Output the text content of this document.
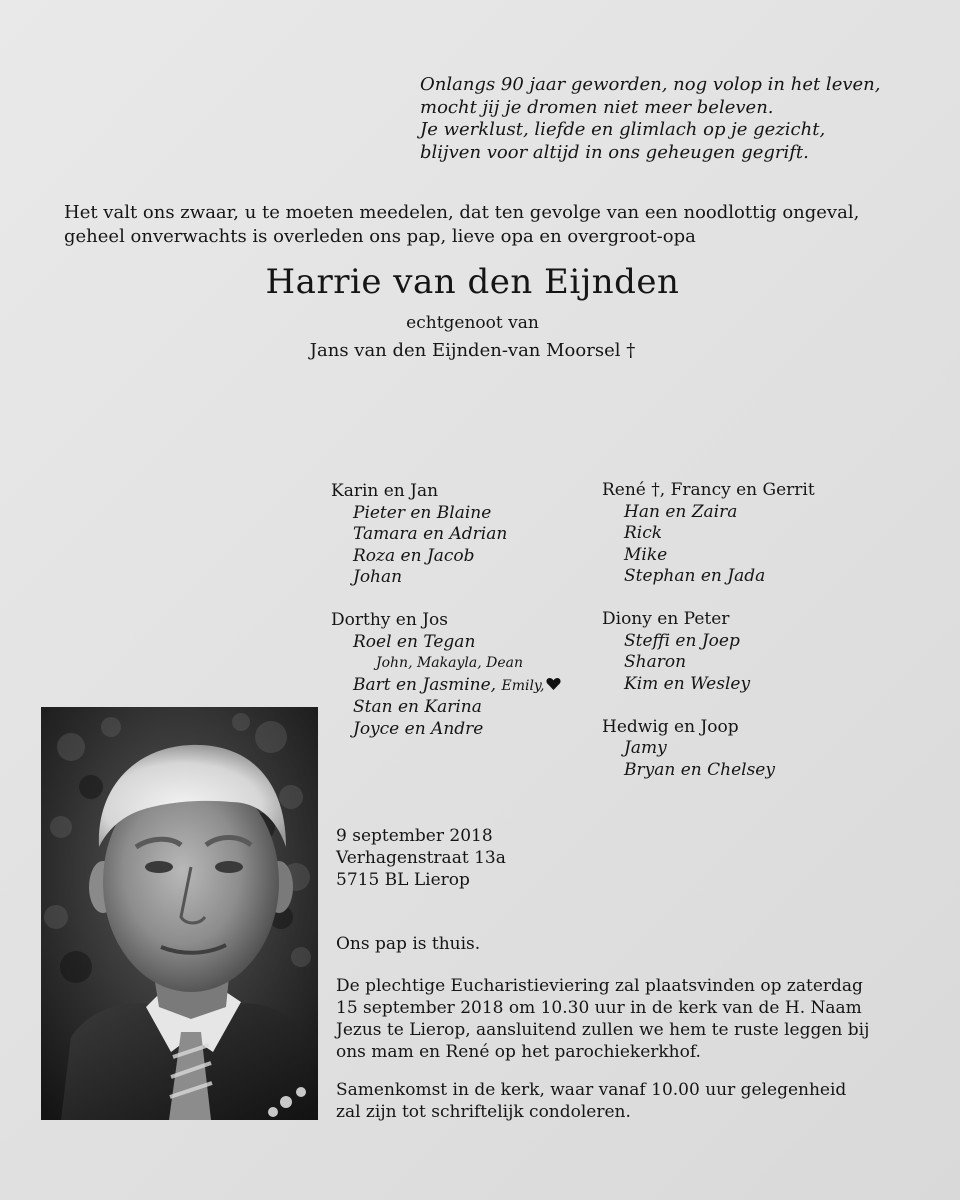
Onlangs 90 jaar geworden, nog volop in het leven,
mocht jij je dromen niet meer beleven.
Je werklust, liefde en glimlach op je gezicht,
blijven voor altijd in ons geheugen gegrift.
Het valt ons zwaar, u te moeten meedelen, dat ten gevolge van een noodlottig ongeval,
geheel onverwachts is overleden ons pap, lieve opa en overgroot-opa
Harrie van den Eijnden
echtgenoot van
Jans van den Eijnden-van Moorsel †
Karin en Jan
Pieter en Blaine
Tamara en Adrian
Roza en Jacob
Johan
Dorthy en Jos
Roel en Tegan
John, Makayla, Dean
Bart en Jasmine, Emily,
Stan en Karina
Joyce en Andre
René †, Francy en Gerrit
Han en Zaira
Rick
Mike
Stephan en Jada
Diony en Peter
Steffi en Joep
Sharon
Kim en Wesley
Hedwig en Joop
Jamy
Bryan en Chelsey
9 september 2018
Verhagenstraat 13a
5715 BL Lierop
Ons pap is thuis.
De plechtige Eucharistieviering zal plaatsvinden op zaterdag
15 september 2018 om 10.30 uur in de kerk van de H. Naam
Jezus te Lierop, aansluitend zullen we hem te ruste leggen bij
ons mam en René op het parochiekerkhof.
Samenkomst in de kerk, waar vanaf 10.00 uur gelegenheid
zal zijn tot schriftelijk condoleren.
